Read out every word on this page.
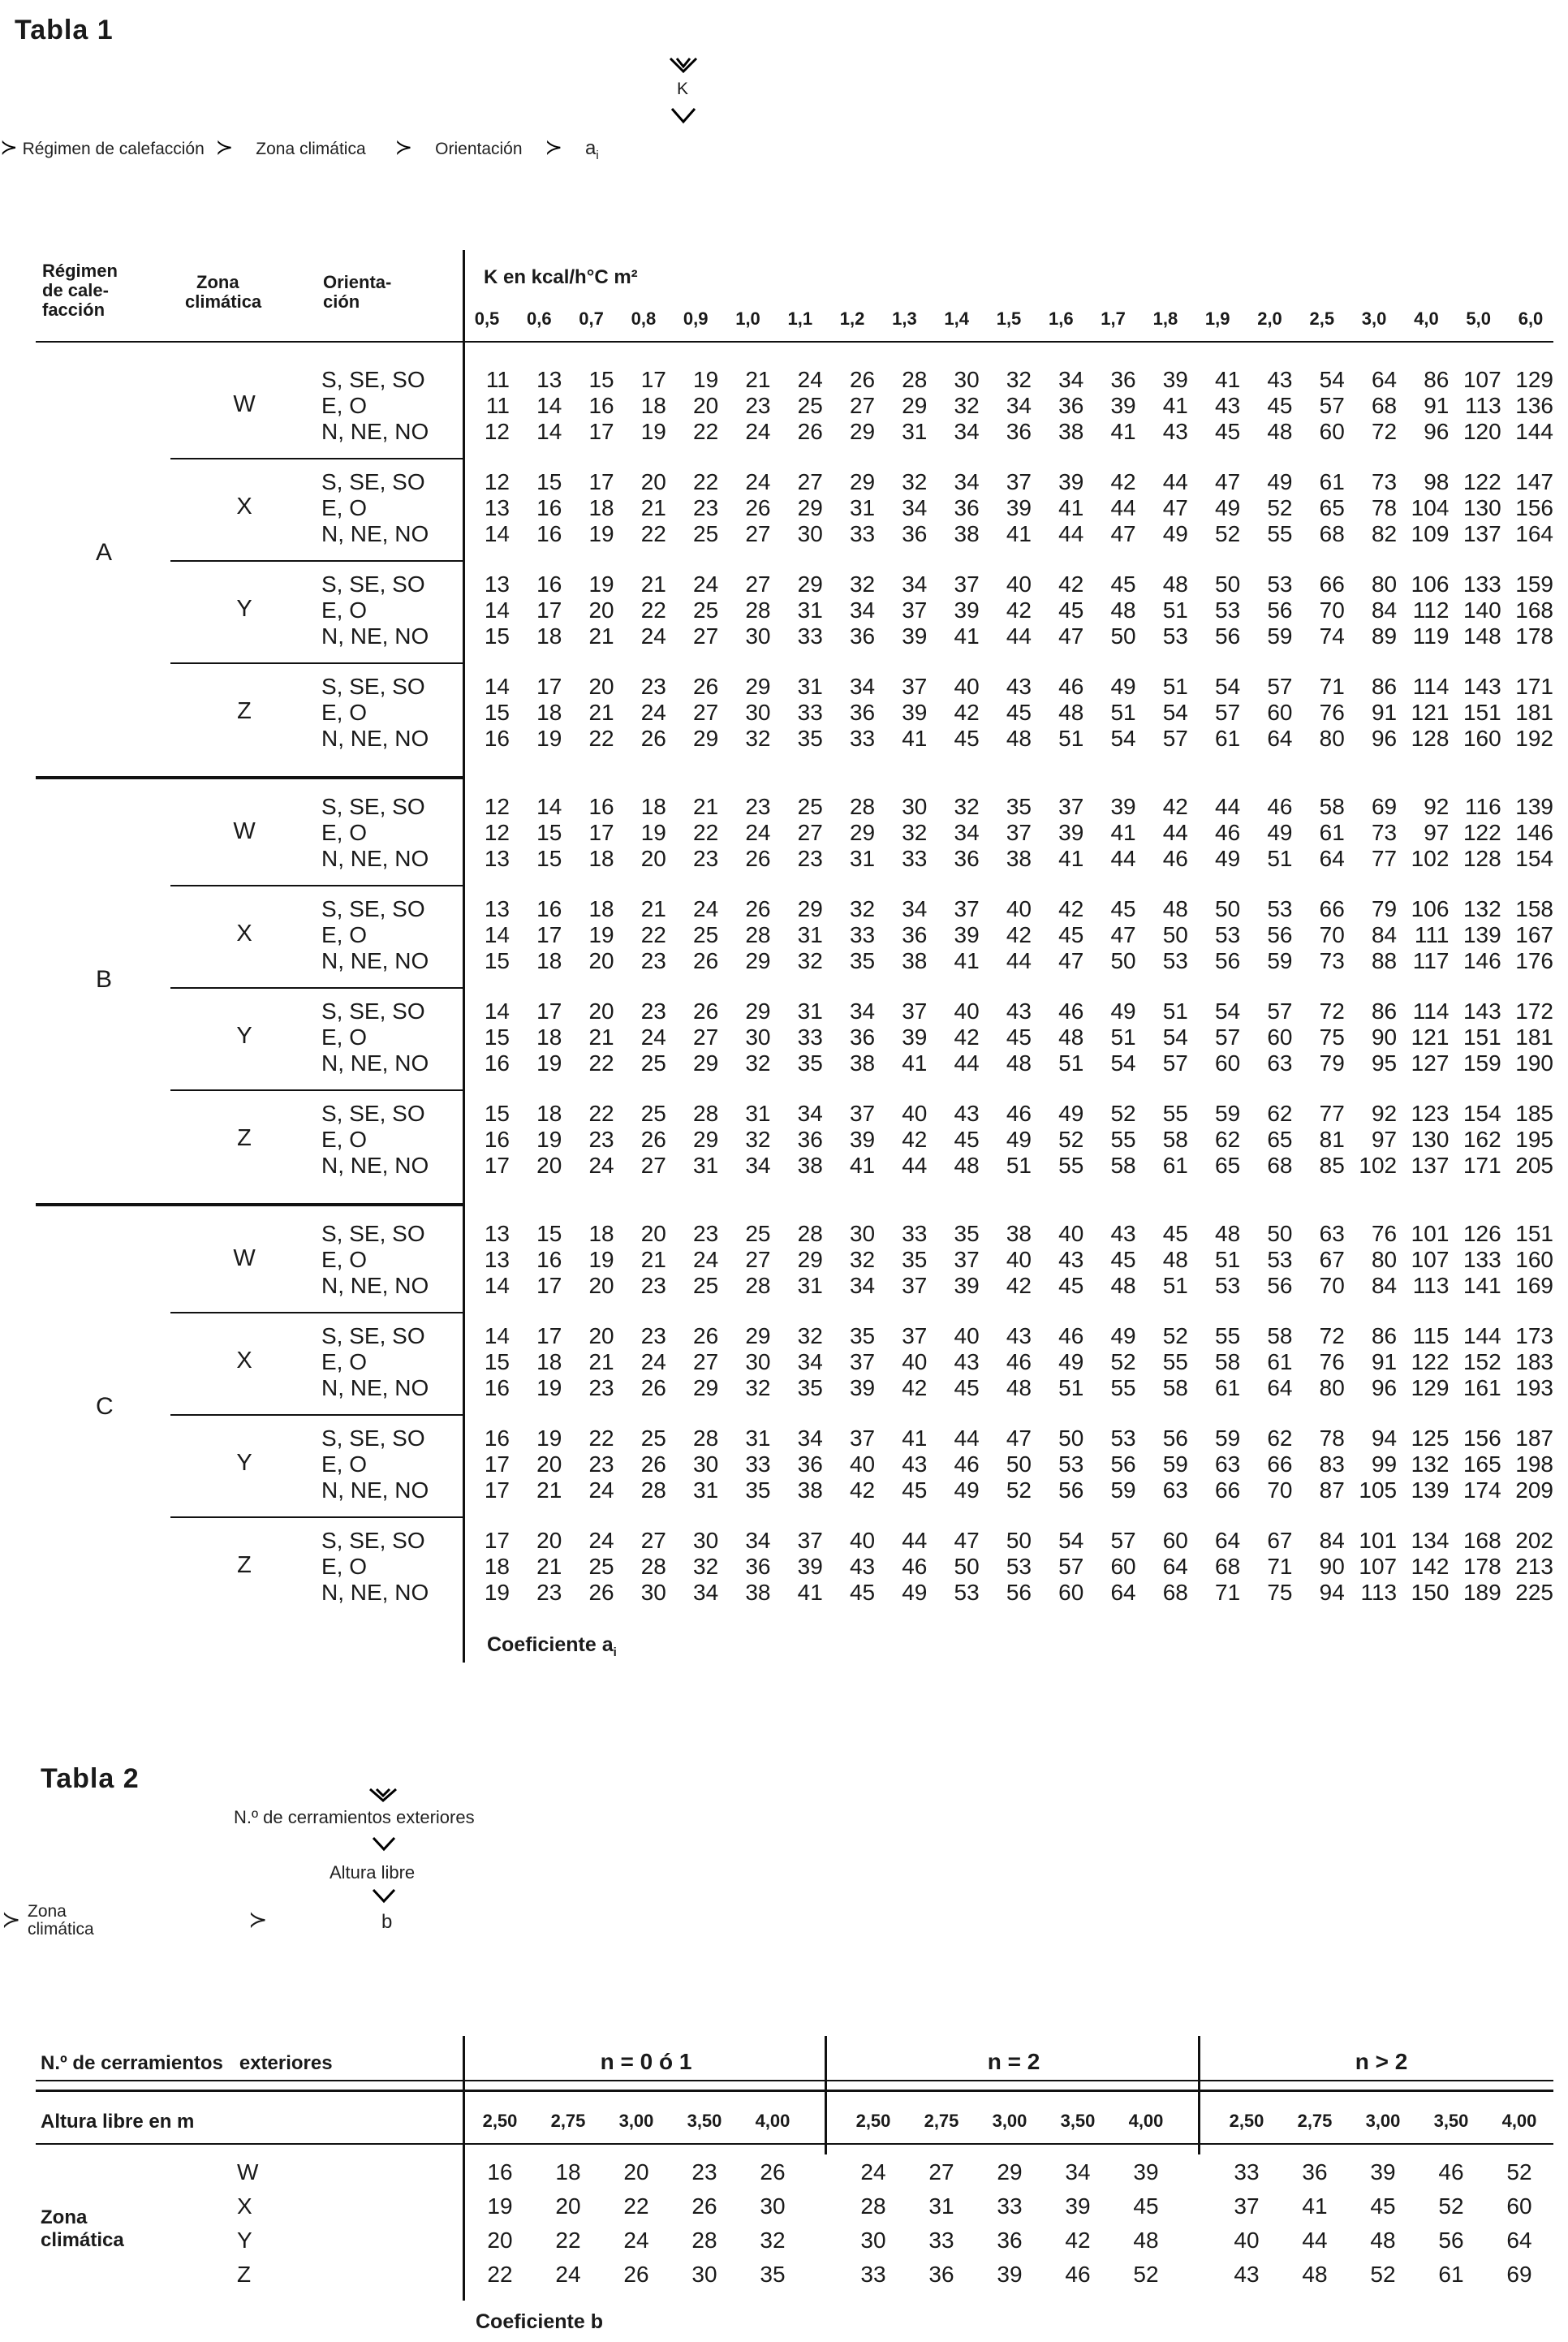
Tabla 1
K
≻ Régimen de calefacción ≻ Zona climática ≻ Orientación ≻ $a_i$
Régimen
de cale-
facción
Zona
climática
Orienta-
ción
K en kcal/h°C m²
0,5	0,6	0,7	0,8	0,9	1,0	1,1	1,2	1,3	1,4	1,5	1,6	1,7	1,8	1,9	2,0	2,5	3,0	4,0	5,0	6,0
A
W
S, SE, SO	11	13	15	17	19	21	24	26	28	30	32	34	36	39	41	43	54	64	86 107 129
E, O	11	14	16	18	20	23	25	27	29	32	34	36	39	41	43	45	57	68	91 113 136
N, NE, NO	12	14	17	19	22	24	26	29	31	34	36	38	41	43	45	48	60	72	96 120 144
X
S, SE, SO	12	15	17	20	22	24	27	29	32	34	37	39	42	44	47	49	61	73	98 122 147
E, O	13	16	18	21	23	26	29	31	34	36	39	41	44	47	49	52	65	78 104 130 156
N, NE, NO	14	16	19	22	25	27	30	33	36	38	41	44	47	49	52	55	68	82 109 137 164
Y
S, SE, SO	13	16	19	21	24	27	29	32	34	37	40	42	45	48	50	53	66	80 106 133 159
E, O	14	17	20	22	25	28	31	34	37	39	42	45	48	51	53	56	70	84 112 140 168
N, NE, NO	15	18	21	24	27	30	33	36	39	41	44	47	50	53	56	59	74	89 119 148 178
Z
S, SE, SO	14	17	20	23	26	29	31	34	37	40	43	46	49	51	54	57	71	86 114 143 171
E, O	15	18	21	24	27	30	33	36	39	42	45	48	51	54	57	60	76	91 121 151 181
N, NE, NO	16	19	22	26	29	32	35	33	41	45	48	51	54	57	61	64	80	96 128 160 192
B
W
S, SE, SO	12	14	16	18	21	23	25	28	30	32	35	37	39	42	44	46	58	69	92 116 139
E, O	12	15	17	19	22	24	27	29	32	34	37	39	41	44	46	49	61	73	97 122 146
N, NE, NO	13	15	18	20	23	26	23	31	33	36	38	41	44	46	49	51	64	77 102 128 154
X
S, SE, SO	13	16	18	21	24	26	29	32	34	37	40	42	45	48	50	53	66	79 106 132 158
E, O	14	17	19	22	25	28	31	33	36	39	42	45	47	50	53	56	70	84 111 139 167
N, NE, NO	15	18	20	23	26	29	32	35	38	41	44	47	50	53	56	59	73	88 117 146 176
Y
S, SE, SO	14	17	20	23	26	29	31	34	37	40	43	46	49	51	54	57	72	86 114 143 172
E, O	15	18	21	24	27	30	33	36	39	42	45	48	51	54	57	60	75	90 121 151 181
N, NE, NO	16	19	22	25	29	32	35	38	41	44	48	51	54	57	60	63	79	95 127 159 190
Z
S, SE, SO	15	18	22	25	28	31	34	37	40	43	46	49	52	55	59	62	77	92 123 154 185
E, O	16	19	23	26	29	32	36	39	42	45	49	52	55	58	62	65	81	97 130 162 195
N, NE, NO	17	20	24	27	31	34	38	41	44	48	51	55	58	61	65	68	85 102 137 171 205
C
W
S, SE, SO	13	15	18	20	23	25	28	30	33	35	38	40	43	45	48	50	63	76 101 126 151
E, O	13	16	19	21	24	27	29	32	35	37	40	43	45	48	51	53	67	80 107 133 160
N, NE, NO	14	17	20	23	25	28	31	34	37	39	42	45	48	51	53	56	70	84 113 141 169
X
S, SE, SO	14	17	20	23	26	29	32	35	37	40	43	46	49	52	55	58	72	86 115 144 173
E, O	15	18	21	24	27	30	34	37	40	43	46	49	52	55	58	61	76	91 122 152 183
N, NE, NO	16	19	23	26	29	32	35	39	42	45	48	51	55	58	61	64	80	96 129 161 193
Y
S, SE, SO	16	19	22	25	28	31	34	37	41	44	47	50	53	56	59	62	78	94 125 156 187
E, O	17	20	23	26	30	33	36	40	43	46	50	53	56	59	63	66	83	99 132 165 198
N, NE, NO	17	21	24	28	31	35	38	42	45	49	52	56	59	63	66	70	87 105 139 174 209
Z
S, SE, SO	17	20	24	27	30	34	37	40	44	47	50	54	57	60	64	67	84 101 134 168 202
E, O	18	21	25	28	32	36	39	43	46	50	53	57	60	64	68	71	90 107 142 178 213
N, NE, NO	19	23	26	30	34	38	41	45	49	53	56	60	64	68	71	75	94 113 150 189 225
Coeficiente $a_i$
Tabla 2
N.º de cerramientos exteriores
Altura libre
≻ Zona
climática	≻	b
N.º de cerramientos   exteriores
Altura libre en m
n = 0 ó 1	n = 2	n > 2
2,50	2,75	3,00	3,50	4,00	2,50	2,75	3,00	3,50	4,00	2,50	2,75	3,00	3,50	4,00
W	16	18	20	23	26	24	27	29	34	39	33	36	39	46	52
X	19	20	22	26	30	28	31	33	39	45	37	41	45	52	60
Y	20	22	24	28	32	30	33	36	42	48	40	44	48	56	64
Z	22	24	26	30	35	33	36	39	46	52	43	48	52	61	69
Zona
climática
Coeficiente b
